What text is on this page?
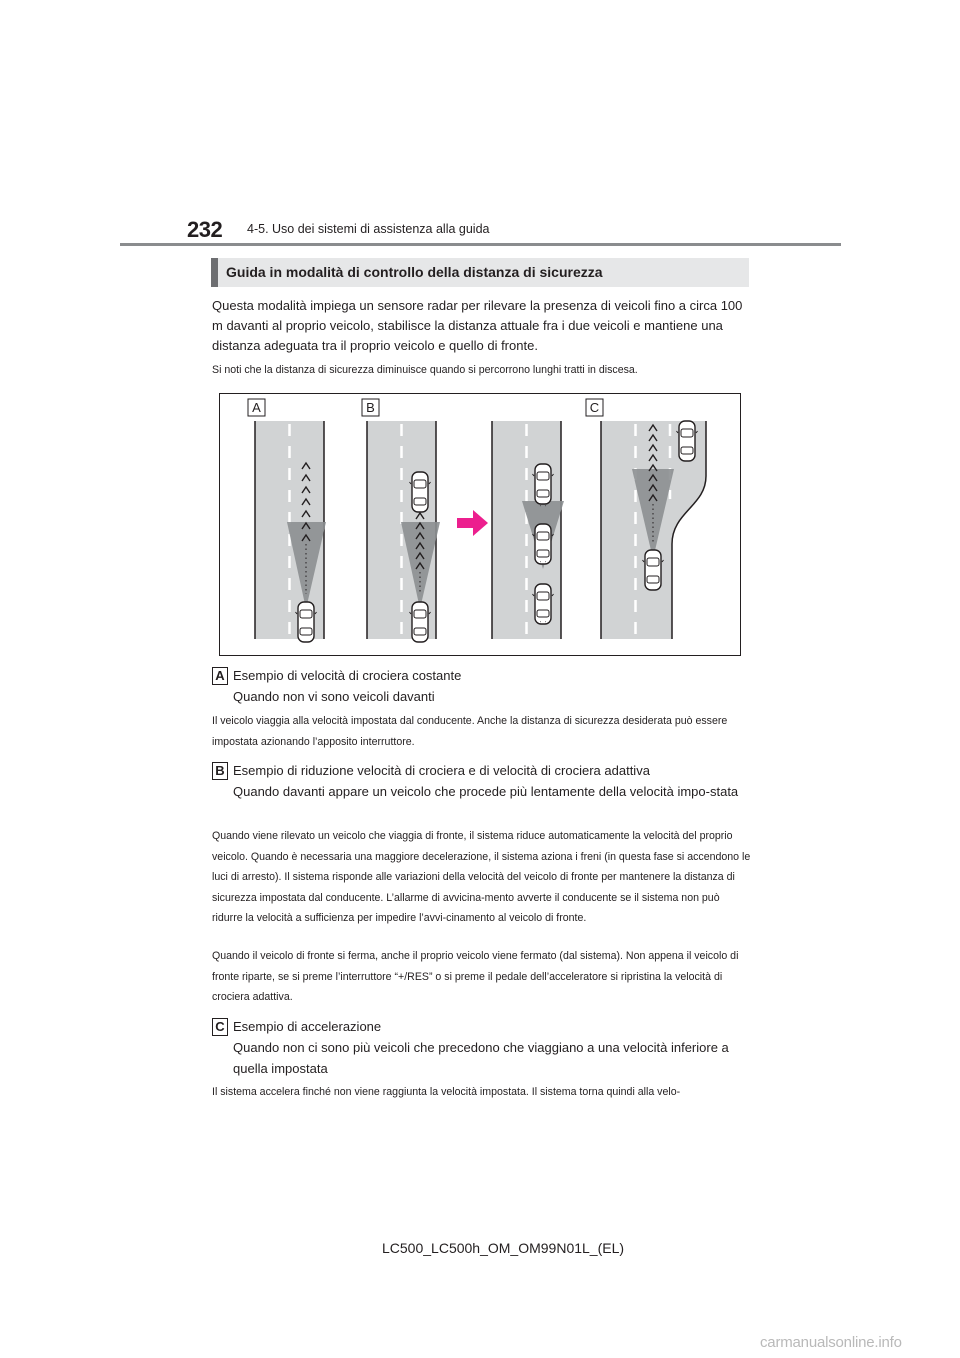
232 4-5. Uso dei sistemi di assistenza alla guida
Guida in modalità di controllo della distanza di sicurezza
Questa modalità impiega un sensore radar per rilevare la presenza di veicoli fino a circa 100 m davanti al proprio veicolo, stabilisce la distanza attuale fra i due veicoli e mantiene una distanza adeguata tra il proprio veicolo e quello di fronte.
Si noti che la distanza di sicurezza diminuisce quando si percorrono lunghi tratti in discesa.
᾿ ᾿
᾿ ᾿
᾿ ᾿
A	B	C
A Esempio di velocità di crociera costante
Quando non vi sono veicoli davanti
Il veicolo viaggia alla velocità impostata dal conducente. Anche la distanza di sicurezza desiderata può essere impostata azionando l’apposito interruttore.
B Esempio di riduzione velocità di crociera e di velocità di crociera adattiva
Quando davanti appare un veicolo che procede più lentamente della velocità impo-stata
Quando viene rilevato un veicolo che viaggia di fronte, il sistema riduce automaticamente la velocità del proprio veicolo. Quando è necessaria una maggiore decelerazione, il sistema aziona i freni (in questa fase si accendono le luci di arresto). Il sistema risponde alle variazioni della velocità del veicolo di fronte per mantenere la distanza di sicurezza impostata dal conducente. L’allarme di avvicina-mento avverte il conducente se il sistema non può ridurre la velocità a sufficienza per impedire l’avvi-cinamento al veicolo di fronte.
Quando il veicolo di fronte si ferma, anche il proprio veicolo viene fermato (dal sistema). Non appena il veicolo di fronte riparte, se si preme l’interruttore “+/RES” o si preme il pedale dell’acceleratore si ripristina la velocità di crociera adattiva.
C Esempio di accelerazione
Quando non ci sono più veicoli che precedono che viaggiano a una velocità inferiore a quella impostata
Il sistema accelera finché non viene raggiunta la velocità impostata. Il sistema torna quindi alla velo-
LC500_LC500h_OM_OM99N01L_(EL)
carmanualsonline.info
